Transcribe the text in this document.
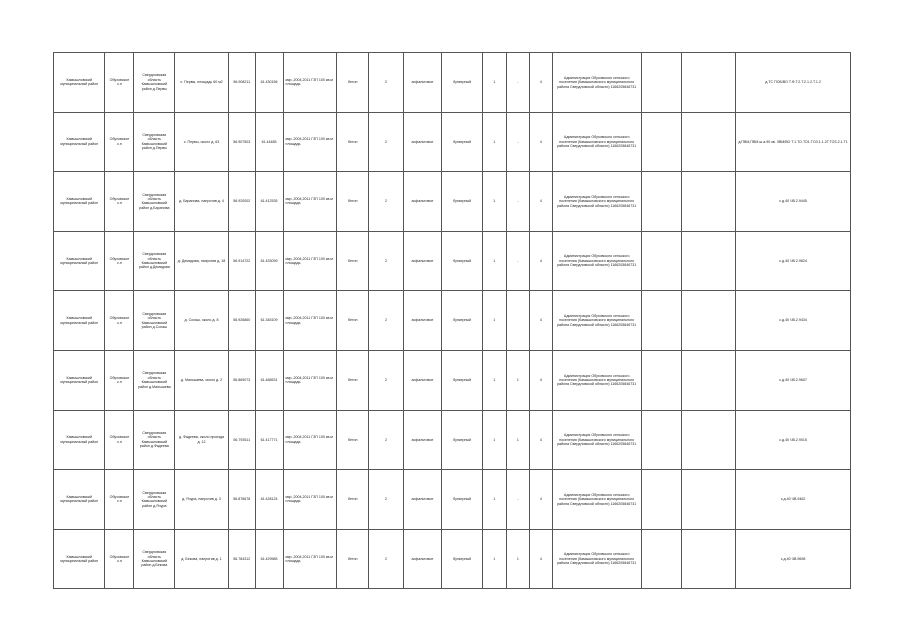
Камышловский муниципальный район	Обуховское с.п	Свердловская область Камышловский район д.Первы	с. Первы, площадь 60 м2	56.908211	61.430156	мкр.,2004,2011 ГЗП 100 кв.м площадь	бетон	2	асфальтовое	бункерный	1	-	4	Администрация Обуховского сельского поселения (Камышловского муниципального района Свердловской области) 1166205846731			д.ТС ПОБ/ВО Т.Ф.Т.2.Т.2.1.2.Т.1.2
Камышловский муниципальный район	Обуховское с.п	Свердловская область Камышловский район д.Первы	с. Первы, около д. 63	56.907503	61.44485	мкр.,2004,2011 ГЗП 100 кв.м площадь	бетон	2	асфальтовое	бункерный	1	-	4	Администрация Обуховского сельского поселения (Камышловского муниципального района Свердловской области) 1166205846731			д.ПВМ,ПВМ ш.а.90 кв. ЗВМ/ВО Т.1.ТО.ТО1.ТОЗ.1.1.2Т.ТОЗ.2.1.Т1
Камышловский муниципальный район	Обуховское с.п	Свердловская область Камышловский район д.Баранова	д. Баранова, напротив д. 4	56.920002	61.412535	мкр.,2004,2011 ГЗП 100 кв.м площадь	бетон	2	асфальтовое	бункерный	1	-	4	Администрация Обуховского сельского поселения (Камышловского муниципального района Свердловской области) 1166205846731			с.д.40 ЧВ.2.9445
Камышловский муниципальный район	Обуховское с.п	Свердловская область Камышловский район д.Демидова	д. Демидова, напротив д. 18	56.914722	61.433099	мкр.,2004,2011 ГЗП 100 кв.м площадь	бетон	2	асфальтовое	бункерный	1	-	4	Администрация Обуховского сельского поселения (Камышловского муниципального района Свердловской области) 1166205846731			с.д.40 ЧВ.2.9824
Камышловский муниципальный район	Обуховское с.п	Свердловская область Камышловский район д.Сохаш	д. Сохаш, около д. 8	56.926860	61.345109	мкр.,2004,2011 ГЗП 100 кв.м площадь	бетон	2	асфальтовое	бункерный	1		4	Администрация Обуховского сельского поселения (Камышловского муниципального района Свердловской области) 1166205846731			с.д.40 ЧВ.2.9434
Камышловский муниципальный район	Обуховское с.п	Свердловская область Камышловский район д.Малышева	д. Малышева, около д. 2	56.869073	61.468531	мкр.,2004,2011 ГЗП 100 кв.м площадь	бетон	2	асфальтовое	бункерный	1	1	4	Администрация Обуховского сельского поселения (Камышловского муниципального района Свердловской области) 1166205846731			с.д.40 ЧВ.2.9607
Камышловский муниципальный район	Обуховское с.п	Свердловская область Камышловский район д.Фадеева	д. Фадеева, около проезда д. 12	56.793511	61.417771	мкр.,2004,2011 ГЗП 100 кв.м площадь	бетон	2	асфальтовое	бункерный	1	1	4	Администрация Обуховского сельского поселения (Камышловского муниципального района Свердловской области) 1166205846731			с.д.40 ЧВ.2.9015
Камышловский муниципальный район	Обуховское с.п	Свердловская область Камышловский район д.Ячура	д. Ячура, напротив д. 3	56.878678	61.428124	мкр.,2004,2011 ГЗП 100 кв.м площадь	бетон	2	асфальтовое	бункерный	1	-	4	Администрация Обуховского сельского поселения (Камышловского муниципального района Свердловской области) 1166205846731			с.д.40 ЧВ.9462
Камышловский муниципальный район	Обуховское с.п	Свердловская область Камышловский район д.Бекова	д. Бекова, напротив д. 1	56.784312	61.429585	мкр.,2004,2011 ГЗП 100 кв.м площадь	бетон	2	асфальтовое	бункерный	1	1	4	Администрация Обуховского сельского поселения (Камышловского муниципального района Свердловской области) 1166205846731			с.д.40 ЧВ.9698
